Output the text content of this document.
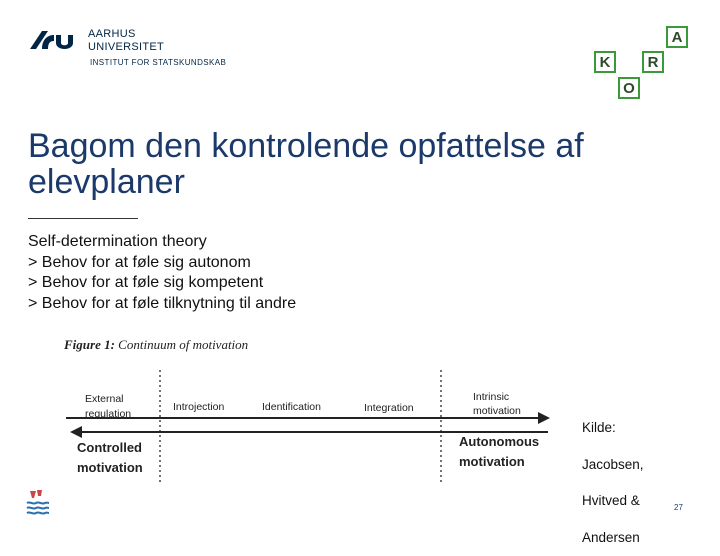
AARHUS
UNIVERSITET
INSTITUT FOR STATSKUNDSKAB	K
O
R
A
Bagom den kontrolende opfattelse af elevplaner
Self-determination theory
> Behov for at føle sig autonom
> Behov for at føle sig kompetent
> Behov for at føle tilknytning til andre
Figure 1: Continuum of motivation
External
regulation
Introjection	Identification	Integration
Intrinsic
motivation
Controlled
motivation
Autonomous
motivation
Kilde:
Jacobsen,
Hvitved &
Andersen
27
